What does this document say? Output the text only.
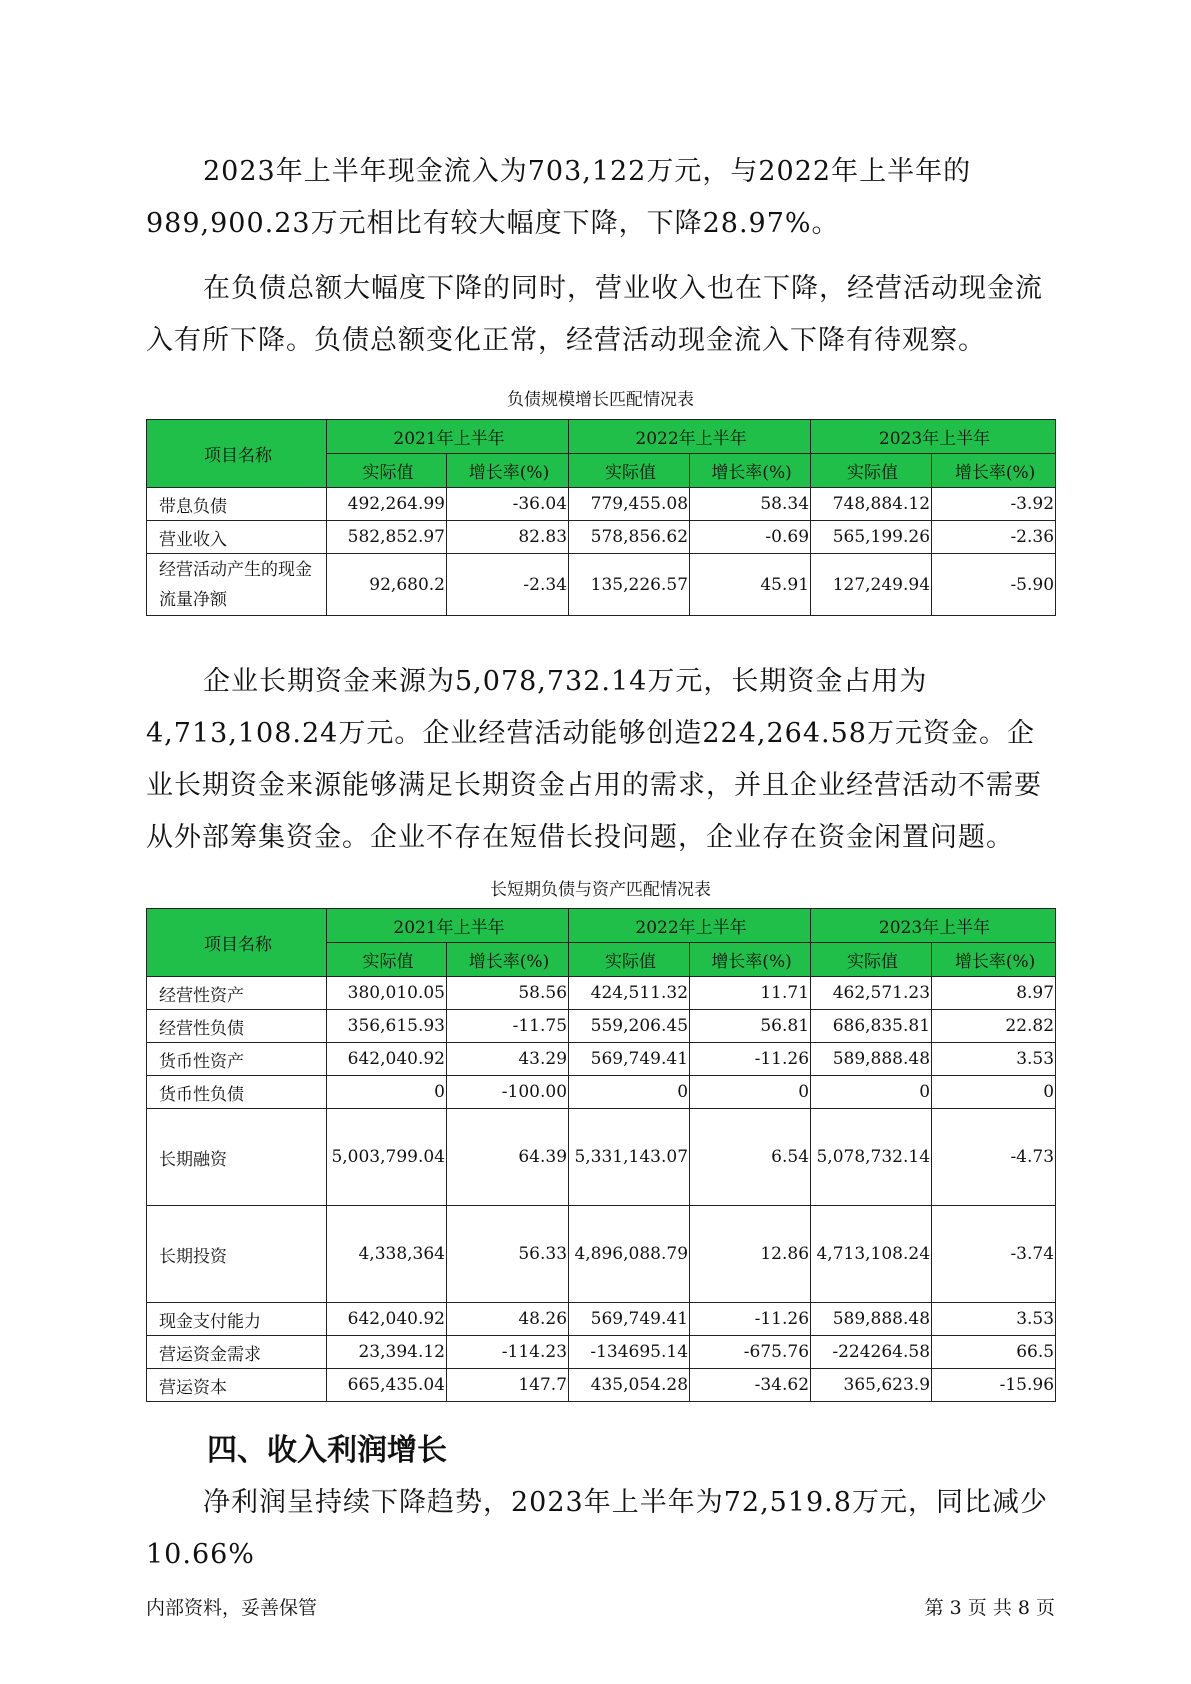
2023年上半年现金流入为703,122万元，与2022年上半年的989,900.23万元相比有较大幅度下降，下降28.97%。

在负债总额大幅度下降的同时，营业收入也在下降，经营活动现金流入有所下降。负债总额变化正常，经营活动现金流入下降有待观察。

负债规模增长匹配情况表
项目名称	2021年上半年		2022年上半年		2023年上半年	
	实际值	增长率(%)	实际值	增长率(%)	实际值	增长率(%)
带息负债	492,264.99	-36.04	779,455.08	58.34	748,884.12	-3.92
营业收入	582,852.97	82.83	578,856.62	-0.69	565,199.26	-2.36
经营活动产生的现金流量净额	92,680.2	-2.34	135,226.57	45.91	127,249.94	-5.90

企业长期资金来源为5,078,732.14万元，长期资金占用为4,713,108.24万元。企业经营活动能够创造224,264.58万元资金。企业长期资金来源能够满足长期资金占用的需求，并且企业经营活动不需要从外部筹集资金。企业不存在短借长投问题，企业存在资金闲置问题。

长短期负债与资产匹配情况表
项目名称	2021年上半年		2022年上半年		2023年上半年	
	实际值	增长率(%)	实际值	增长率(%)	实际值	增长率(%)
经营性资产	380,010.05	58.56	424,511.32	11.71	462,571.23	8.97
经营性负债	356,615.93	-11.75	559,206.45	56.81	686,835.81	22.82
货币性资产	642,040.92	43.29	569,749.41	-11.26	589,888.48	3.53
货币性负债	0	-100.00	0	0	0	0
长期融资	5,003,799.04	64.39	5,331,143.07	6.54	5,078,732.14	-4.73
长期投资	4,338,364	56.33	4,896,088.79	12.86	4,713,108.24	-3.74
现金支付能力	642,040.92	48.26	569,749.41	-11.26	589,888.48	3.53
营运资金需求	23,394.12	-114.23	-134695.14	-675.76	-224264.58	66.5
营运资本	665,435.04	147.7	435,054.28	-34.62	365,623.9	-15.96
四、收入利润增长

净利润呈持续下降趋势，2023年上半年为72,519.8万元，同比减少10.66%

内部资料，妥善保管	第 3 页 共 8 页
